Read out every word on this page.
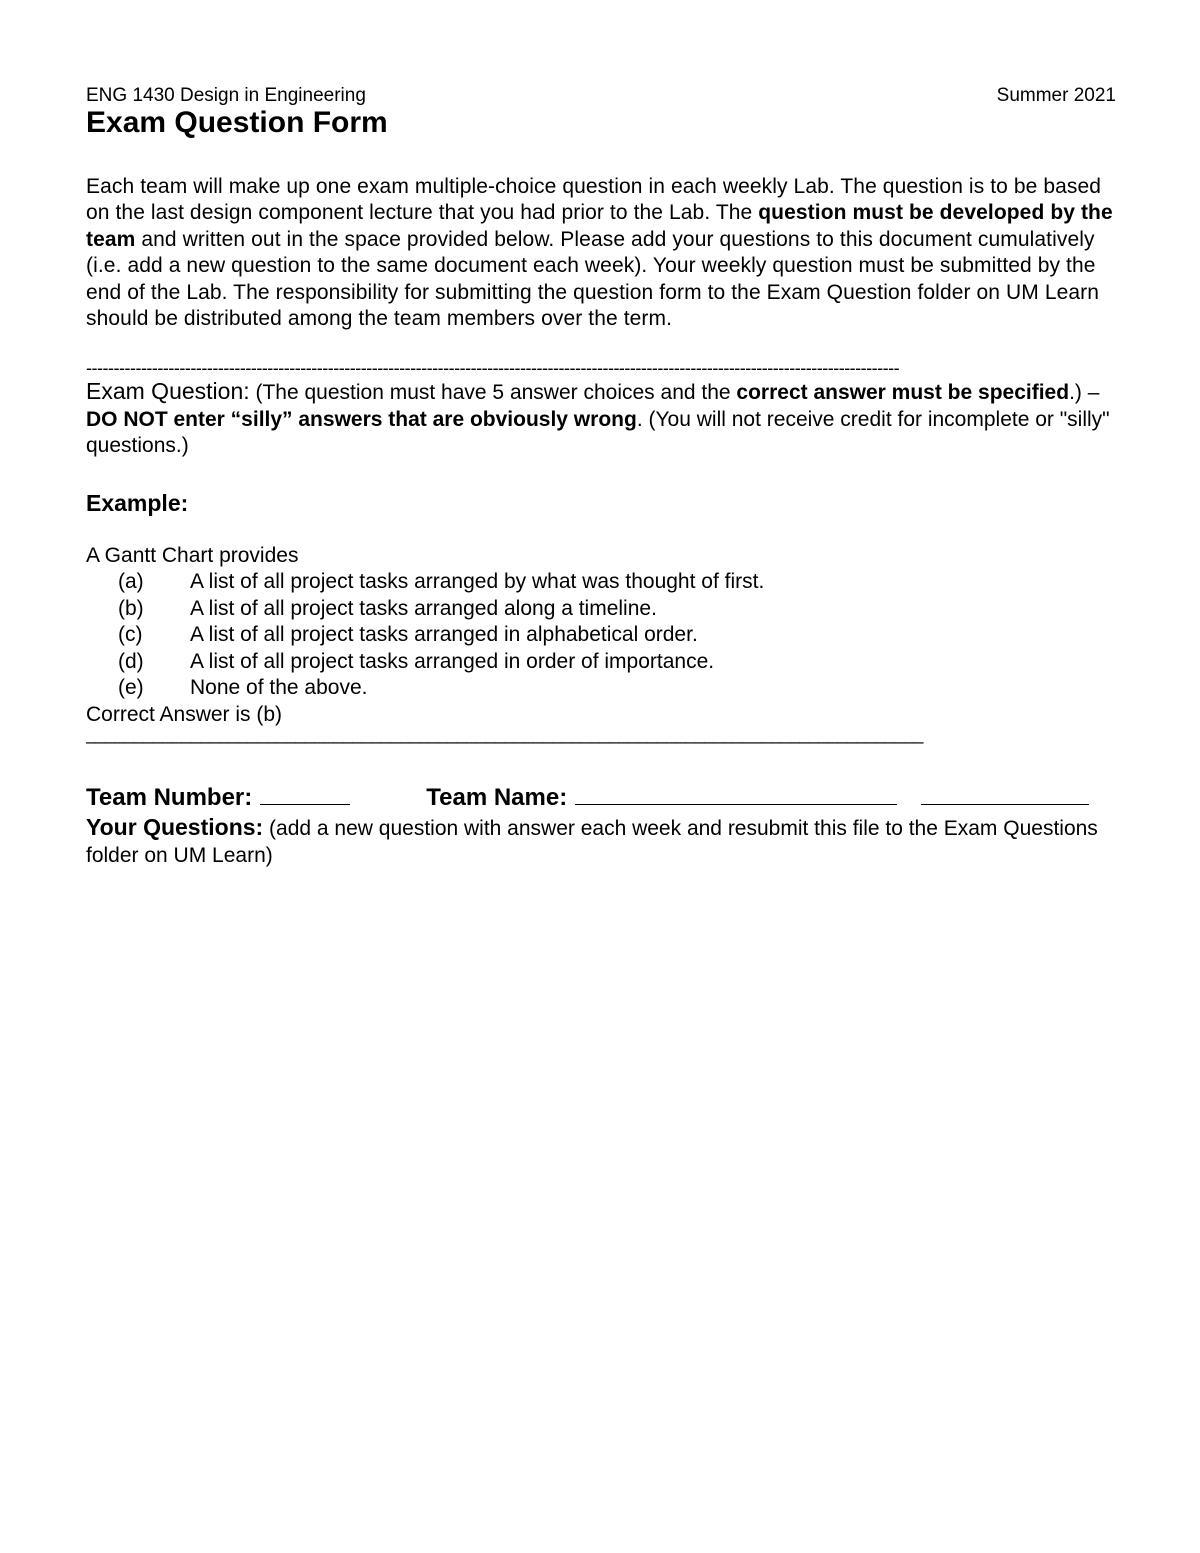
ENG 1430 Design in Engineering	Summer 2021
Exam Question Form

Each team will make up one exam multiple-choice question in each weekly Lab. The question is to be based on the last design component lecture that you had prior to the Lab. The question must be developed by the team and written out in the space provided below. Please add your questions to this document cumulatively (i.e. add a new question to the same document each week). Your weekly question must be submitted by the end of the Lab. The responsibility for submitting the question form to the Exam Question folder on UM Learn should be distributed among the team members over the term.

----------------------------------------------------------------------------------------------------------------------------------------------------

Exam Question: (The question must have 5 answer choices and the correct answer must be specified.) – DO NOT enter “silly” answers that are obviously wrong. (You will not receive credit for incomplete or "silly" questions.)

Example:
A Gantt Chart provides
(a)	A list of all project tasks arranged by what was thought of first.
(b)	A list of all project tasks arranged along a timeline.
(c)	A list of all project tasks arranged in alphabetical order.
(d)	A list of all project tasks arranged in order of importance.
(e)	None of the above.
Correct Answer is (b)
________________________________________________________________________________________
Team Number:	Team Name:

Your Questions: (add a new question with answer each week and resubmit this file to the Exam Questions folder on UM Learn)
